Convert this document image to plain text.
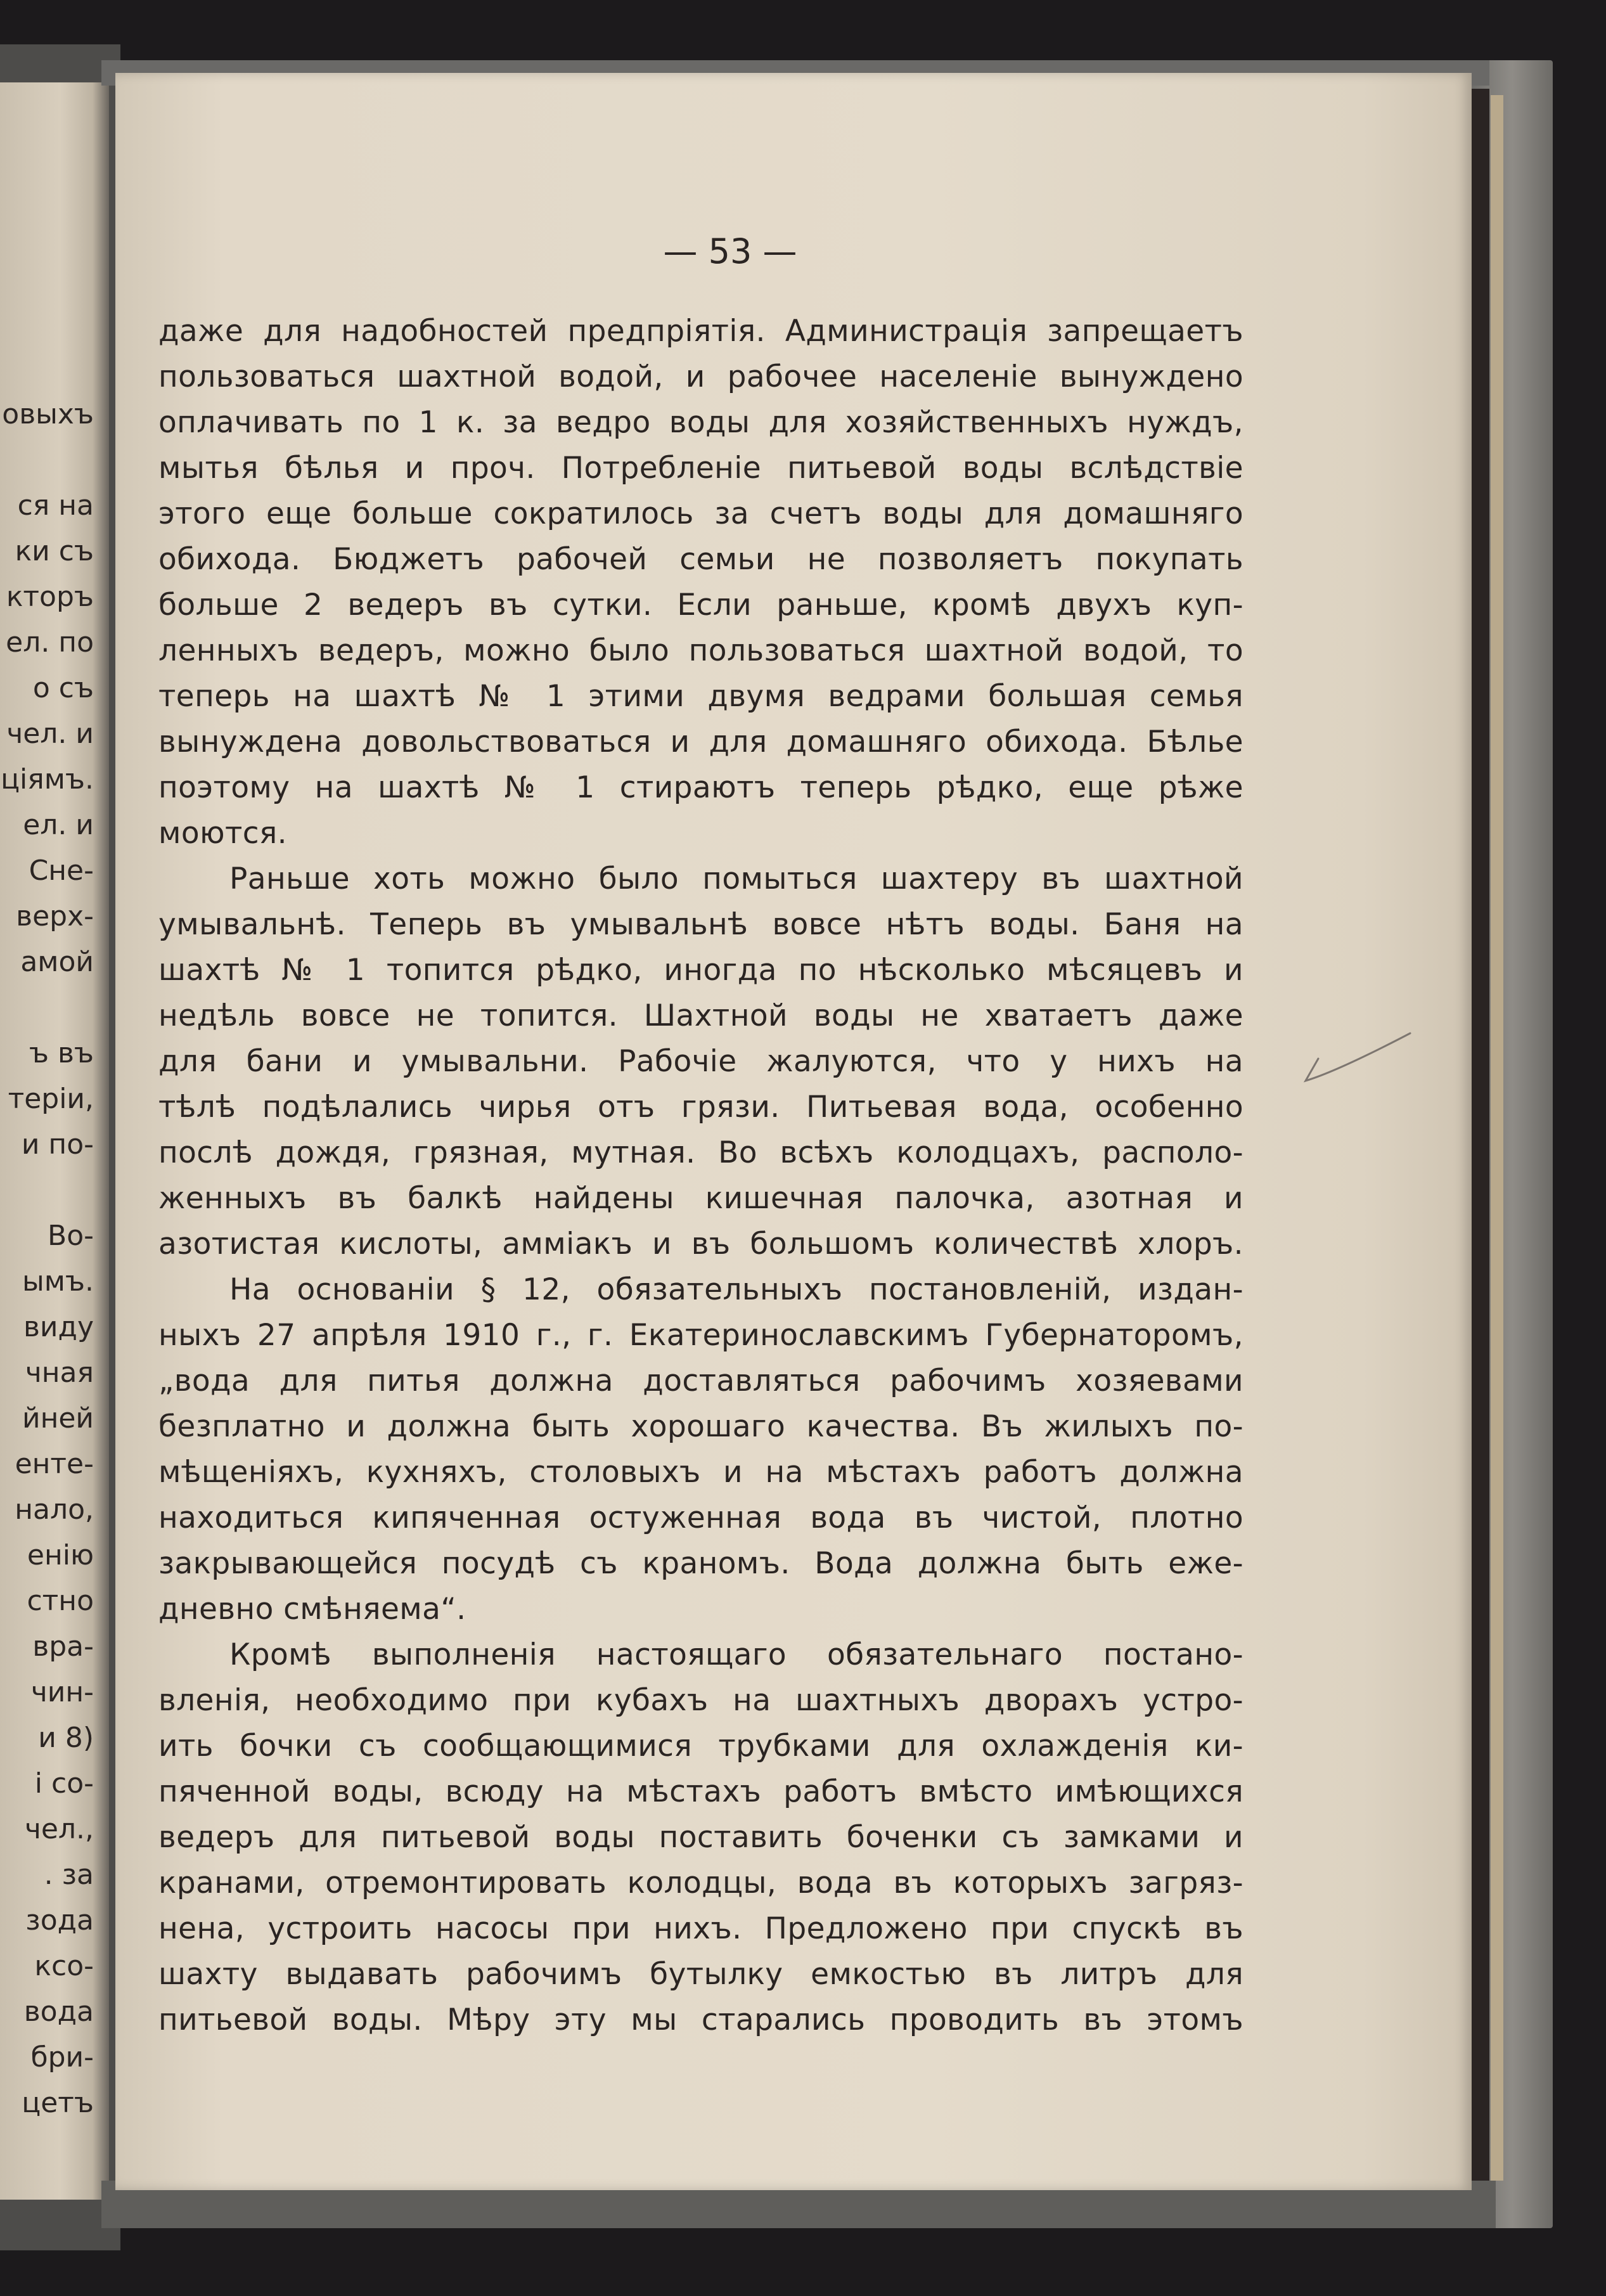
овыхъ

ся на
ки съ
кторъ
ел. по
о съ
чел. и
ціямъ.
ел. и
Сне-
верх-
амой

ъ въ
теріи,
и по-

Во-
ымъ.
виду
чная
йней
енте-
нало,
енію
стно
вра-
чин-
и 8)
і со-
чел.,
. за
зода
ксо-
вода
бри-
цетъ
— 53 —
даже для надобностей предпріятія. Администрація запрещаетъ
пользоваться шахтной водой, и рабочее населеніе вынуждено
оплачивать по 1 к. за ведро воды для хозяйственныхъ нуждъ,
мытья бѣлья и проч. Потребленіе питьевой воды вслѣдствіе
этого еще больше сократилось за счетъ воды для домашняго
обихода. Бюджетъ рабочей семьи не позволяетъ покупать
больше 2 ведеръ въ сутки. Если раньше, кромѣ двухъ куп-
ленныхъ ведеръ, можно было пользоваться шахтной водой, то
теперь на шахтѣ № 1 этими двумя ведрами большая семья
вынуждена довольствоваться и для домашняго обихода. Бѣлье
поэтому на шахтѣ № 1 стираютъ теперь рѣдко, еще рѣже
моются.
Раньше хоть можно было помыться шахтеру въ шахтной
умывальнѣ. Теперь въ умывальнѣ вовсе нѣтъ воды. Баня на
шахтѣ № 1 топится рѣдко, иногда по нѣсколько мѣсяцевъ и
недѣль вовсе не топится. Шахтной воды не хватаетъ даже
для бани и умывальни. Рабочіе жалуются, что у нихъ на
тѣлѣ подѣлались чирья отъ грязи. Питьевая вода, особенно
послѣ дождя, грязная, мутная. Во всѣхъ колодцахъ, располо-
женныхъ въ балкѣ найдены кишечная палочка, азотная и
азотистая кислоты, аммiакъ и въ большомъ количествѣ хлоръ.
На основаніи § 12, обязательныхъ постановленій, издан-
ныхъ 27 апрѣля 1910 г., г. Екатеринославскимъ Губернаторомъ,
„вода для питья должна доставляться рабочимъ хозяевами
безплатно и должна быть хорошаго качества. Въ жилыхъ по-
мѣщеніяхъ, кухняхъ, столовыхъ и на мѣстахъ работъ должна
находиться кипяченная остуженная вода въ чистой, плотно
закрывающейся посудѣ съ краномъ. Вода должна быть еже-
дневно смѣняема“.
Кромѣ выполненія настоящаго обязательнаго постано-
вленія, необходимо при кубахъ на шахтныхъ дворахъ устро-
ить бочки съ сообщающимися трубками для охлажденія ки-
пяченной воды, всюду на мѣстахъ работъ вмѣсто имѣющихся
ведеръ для питьевой воды поставить боченки съ замками и
кранами, отремонтировать колодцы, вода въ которыхъ загряз-
нена, устроить насосы при нихъ. Предложено при спускѣ въ
шахту выдавать рабочимъ бутылку емкостью въ литръ для
питьевой воды. Мѣру эту мы старались проводить въ этомъ
